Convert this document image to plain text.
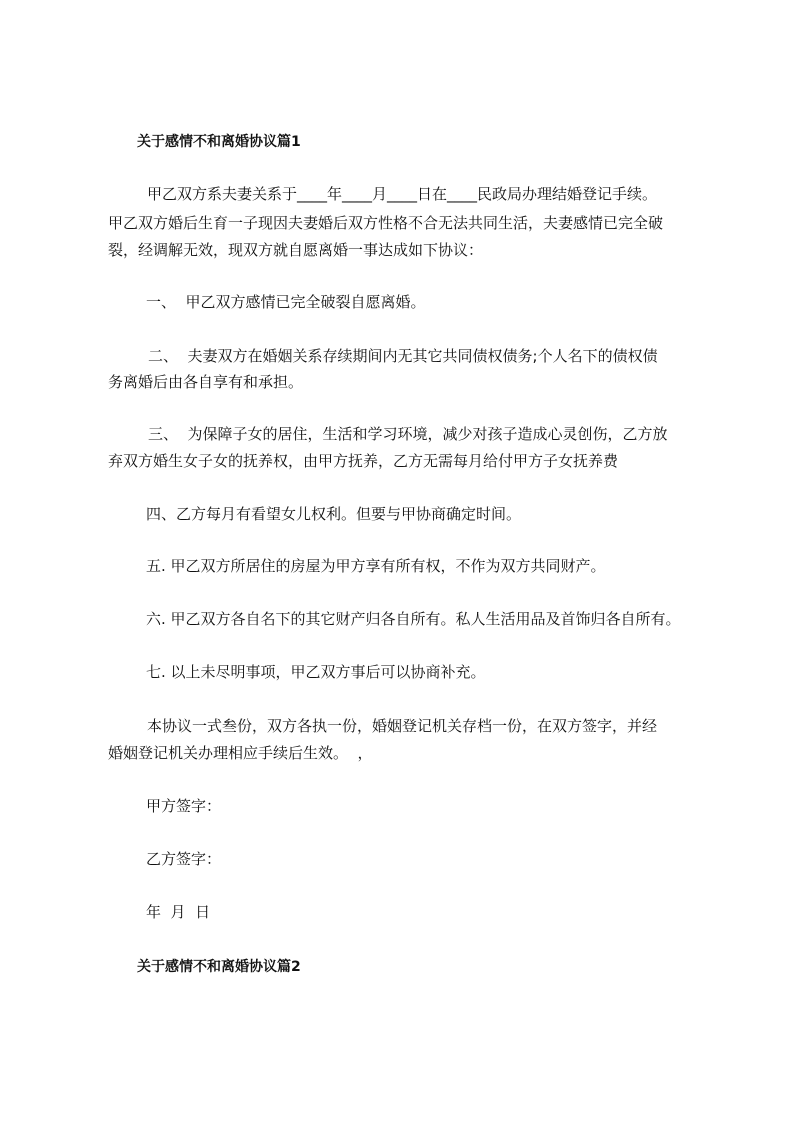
关于感情不和离婚协议篇1
甲乙双方系夫妻关系于____年____月____日在____民政局办理结婚登记手续。
甲乙双方婚后生育一子现因夫妻婚后双方性格不合无法共同生活，夫妻感情已完全破
裂，经调解无效，现双方就自愿离婚一事达成如下协议：
一、  甲乙双方感情已完全破裂自愿离婚。
二、  夫妻双方在婚姻关系存续期间内无其它共同债权债务;个人名下的债权债
务离婚后由各自享有和承担。
三、  为保障子女的居住，生活和学习环境，减少对孩子造成心灵创伤，乙方放
弃双方婚生女子女的抚养权，由甲方抚养，乙方无需每月给付甲方子女抚养费
四、乙方每月有看望女儿权利。但要与甲协商确定时间。
五. 甲乙双方所居住的房屋为甲方享有所有权，不作为双方共同财产。
六. 甲乙双方各自名下的其它财产归各自所有。私人生活用品及首饰归各自所有。
七. 以上未尽明事项，甲乙双方事后可以协商补充。
本协议一式叁份，双方各执一份，婚姻登记机关存档一份，在双方签字，并经
婚姻登记机关办理相应手续后生效。  ，
甲方签字：
乙方签字：
年  月  日
关于感情不和离婚协议篇2
